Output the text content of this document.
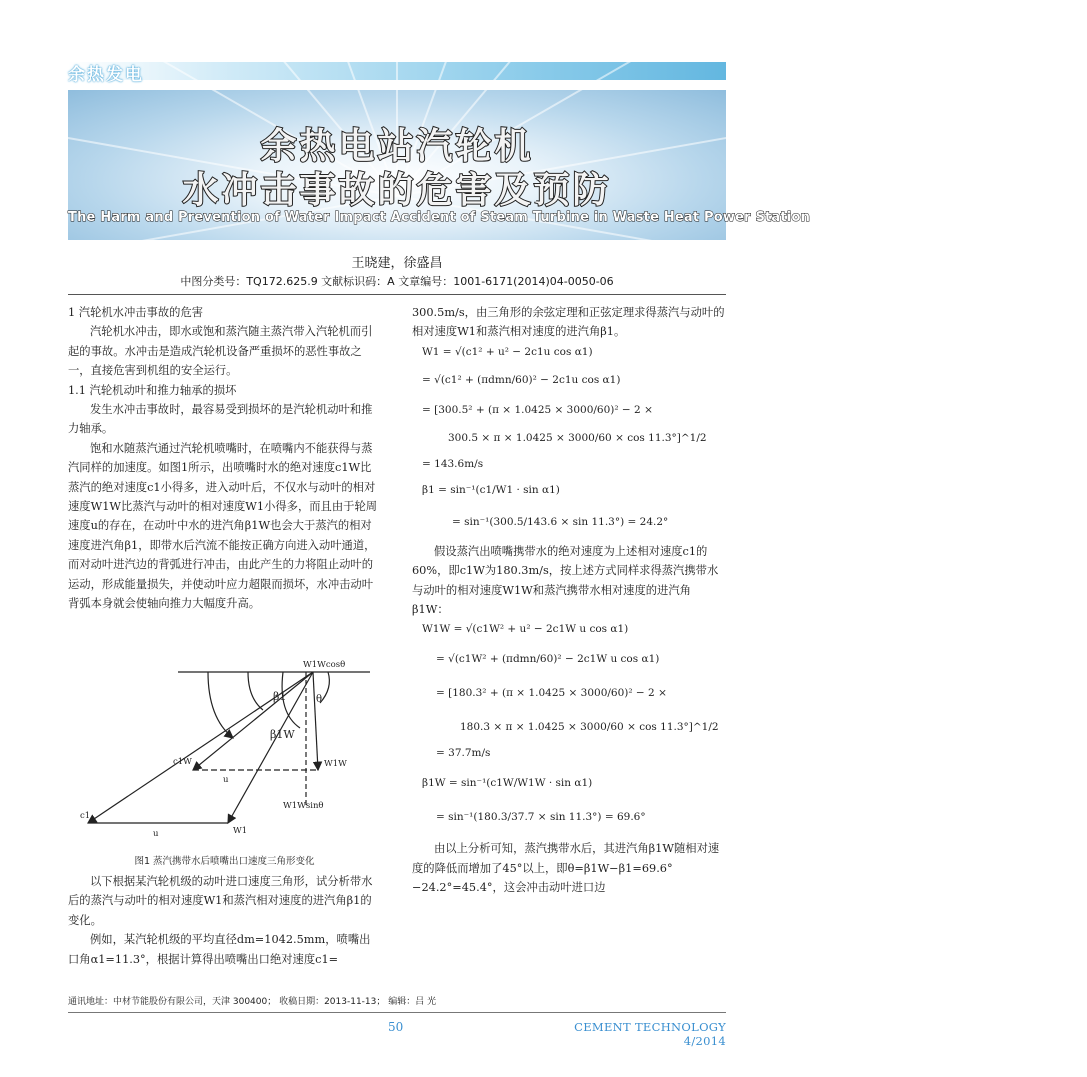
余热发电
余热电站汽轮机
水冲击事故的危害及预防
The Harm and Prevention of Water Impact Accident of Steam Turbine in Waste Heat Power Station
王晓建，徐盛昌
中图分类号：TQ172.625.9 文献标识码：A 文章编号：1001-6171(2014)04-0050-06

1 汽轮机水冲击事故的危害

汽轮机水冲击，即水或饱和蒸汽随主蒸汽带入汽轮机而引起的事故。水冲击是造成汽轮机设备严重损坏的恶性事故之一，直接危害到机组的安全运行。

1.1 汽轮机动叶和推力轴承的损坏

发生水冲击事故时，最容易受到损坏的是汽轮机动叶和推力轴承。

饱和水随蒸汽通过汽轮机喷嘴时，在喷嘴内不能获得与蒸汽同样的加速度。如图1所示，出喷嘴时水的绝对速度c1W比蒸汽的绝对速度c1小得多，进入动叶后，不仅水与动叶的相对速度W1W比蒸汽与动叶的相对速度W1小得多，而且由于轮周速度u的存在，在动叶中水的进汽角β1W也会大于蒸汽的相对速度进汽角β1，即带水后汽流不能按正确方向进入动叶通道，而对动叶进汽边的背弧进行冲击，由此产生的力将阻止动叶的运动，形成能量损失，并使动叶应力超限而损坏，水冲击动叶背弧本身就会使轴向推力大幅度升高。

W1Wcosθ
β1	θ
β1W
c1W
u
W1W
W1Wsinθ
c1
u	W1
图1 蒸汽携带水后喷嘴出口速度三角形变化

以下根据某汽轮机级的动叶进口速度三角形，试分析带水后的蒸汽与动叶的相对速度W1和蒸汽相对速度的进汽角β1的变化。

例如，某汽轮机级的平均直径dm=1042.5mm，喷嘴出口角α1=11.3°，根据计算得出喷嘴出口绝对速度c1=

300.5m/s，由三角形的余弦定理和正弦定理求得蒸汽与动叶的相对速度W1和蒸汽相对速度的进汽角β1。

W1 = √(c1² + u² − 2c1u cos α1)
= √(c1² + (πdmn/60)² − 2c1u cos α1)
= [300.5² + (π × 1.0425 × 3000/60)² − 2 ×
300.5 × π × 1.0425 × 3000/60 × cos 11.3°]^1/2
= 143.6m/s
β1 = sin⁻¹(c1/W1 · sin α1)
= sin⁻¹(300.5/143.6 × sin 11.3°) = 24.2°

假设蒸汽出喷嘴携带水的绝对速度为上述相对速度c1的60%，即c1W为180.3m/s，按上述方式同样求得蒸汽携带水与动叶的相对速度W1W和蒸汽携带水相对速度的进汽角β1W：

W1W = √(c1W² + u² − 2c1W u cos α1)
= √(c1W² + (πdmn/60)² − 2c1W u cos α1)
= [180.3² + (π × 1.0425 × 3000/60)² − 2 ×
180.3 × π × 1.0425 × 3000/60 × cos 11.3°]^1/2
= 37.7m/s
β1W = sin⁻¹(c1W/W1W · sin α1)
= sin⁻¹(180.3/37.7 × sin 11.3°) = 69.6°

由以上分析可知，蒸汽携带水后，其进汽角β1W随相对速度的降低而增加了45°以上，即θ=β1W−β1=69.6°−24.2°=45.4°，这会冲击动叶进口边

通讯地址：中材节能股份有限公司，天津 300400； 收稿日期：2013-11-13； 编辑：吕 光
50	CEMENT TECHNOLOGY 4/2014
